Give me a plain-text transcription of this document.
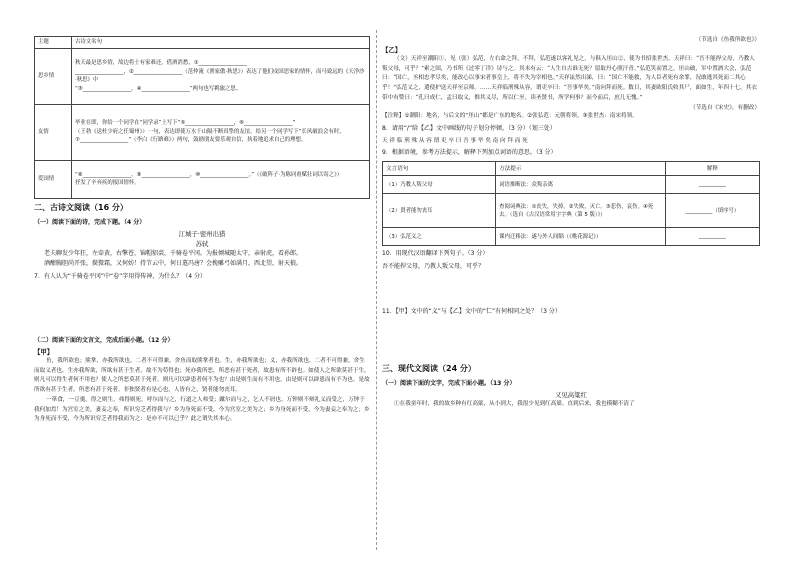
主题	古诗文名句
思乡情	秋天最是思乡情，故边将士有家难还，借酒消愁，①__________________
__________________，②__________________（范仲淹《渔家傲·秋思》）表达了他们戍国思家的情怀，而马致远的《天净沙·秋思》中
“③__________________，④__________________”两句也写羁旅之思。

友情	毕业在即，你给一个同学在“同学录”上写下“⑤__________________，⑥__________________”
（王勃《送杜少府之任蜀州》）一句，表达即使万水千山隔不断真挚的友谊。给另一个同学写下“长风破浪会有时，⑦__________________”（李白《行路难》）两句，鼓励朋友要乐观自信，执着地追求自己的理想。

爱国情	“⑧__________________，⑨__________________，⑩__________________。”（《破阵子·为陈同甫赋壮词以寄之》）
抒发了辛弃疾的报国情怀。
二、古诗文阅读（16 分）
（一）阅读下面的诗，完成下题。（4 分）
江城子·密州出猎
苏轼
老夫聊发少年狂，左牵黄，右擎苍，锦帽貂裘，千骑卷平冈。为报倾城随太守，亲射虎，看孙郎。
酒酣胸胆尚开张，鬓微霜，又何妨！持节云中，何日遣冯唐？会挽雕弓如满月，西北望，射天狼。
7．有人认为“千骑卷平冈”中“卷”字用得传神，为什么？（4 分）
（二）阅读下面的文言文，完成后面小题。（12 分）
【甲】
鱼，我所欲也；熊掌，亦我所欲也。二者不可得兼，舍鱼而取熊掌者也。生，亦我所欲也；义，亦我所欲也。二者不可得兼，舍生而取义者也。生亦我所欲，所欲有甚于生者，故不为苟得也；死亦我所恶，所恶有甚于死者，故患有所不辟也。如使人之所欲莫甚于生，则凡可以得生者何不用也？使人之所恶莫甚于死者，则凡可以辟患者何不为也？由是则生而有不用也，由是则可以辟患而有不为也。是故所欲有甚于生者，所恶有甚于死者。非独贤者有是心也，人皆有之，贤者能勿丧耳。
一箪食，一豆羹，得之则生，弗得则死。呼尔而与之，行道之人弗受；蹴尔而与之，乞人不屑也。万钟则不辩礼义而受之，万钟于我何加焉！为宫室之美，妻妾之奉，所识穷乏者得我与？乡为身死而不受，今为宫室之美为之；乡为身死而不受，今为妻妾之奉为之；乡为身死而不受，今为所识穷乏者得我而为之：是亦不可以已乎？此之谓失其本心。
（节选自《鱼我所欲也》）
【乙】
（文）天祥至潮阳①，见（张）弘范，左右命之拜，不拜，弘范遂以客礼见之，与俱入厓山②，使为书招张世杰。天祥曰：“吾不能捍父母，乃教人叛父母，可乎？”索之固，乃书所《过零丁洋》诗与之。其末有云：“人生自古谁无死？留取丹心照汗青。”弘范笑而置之。厓山破，军中置酒大会，弘范曰：“国亡，丞相忠孝尽矣，能改心以事宋者事皇上，将不失为宰相也。”天祥泫然出涕，曰：“国亡不能救，为人臣者死有余罪，况敢逃其死而二其心乎！”弘范义之，遣使护送天祥至京师。……天祥临刑殊从容，谓吏卒曰：“吾事毕矣。”南向拜而死。数日，其妻欧阳氏收其尸，面如生，年四十七。其衣带中有赞曰：“孔曰成仁，孟曰取义，惟其义尽，所以仁至。读圣贤书，所学何事？而今而后，庶几无愧。”
（节选自《宋史》，有删改）
【注释】①潮阳：地名，与后文的“厓山”都是广东的地名。②张弘范：元朝将领。③张世杰：南宋将领。
8．请用“/”给【乙】文中画线的句子划分停顿。（3 分）（划三处）
天 祥 临 刑 殊 从 容 谓 吏 卒 曰 吾 事 毕 矣 南 向 拜 而 死
9．根据语境，参考方法提示，解释下列加点词语的意思。（3 分）
文言语句	方法提示	解释
（1）乃教人叛父母	词语推断法：众叛亲离	__________
（2）贤者能勿丧耳	查阅词典法：①丧失，失掉。②失败，灭亡。③悲伤，哀伤。④死去。（选自《古汉语常用字字典（第 5 版）》）	__________（填序号）
（3）弘范义之	课内迁移法：遂与外人间隔（《桃花源记》）	__________
10．用现代汉语翻译下列句子。（3 分）
吾不能捍父母，乃教人叛父母，可乎？
11．【甲】文中的“义”与【乙】文中的“仁”有何相同之处？（3 分）
三、现代文阅读（24 分）
（一）阅读下面的文字，完成下面小题。（13 分）
又见高粱红
①在我童年时，我的故乡种有红高粱，从小到大，我很少见到红高粱。直到后来，我也模糊不清了
